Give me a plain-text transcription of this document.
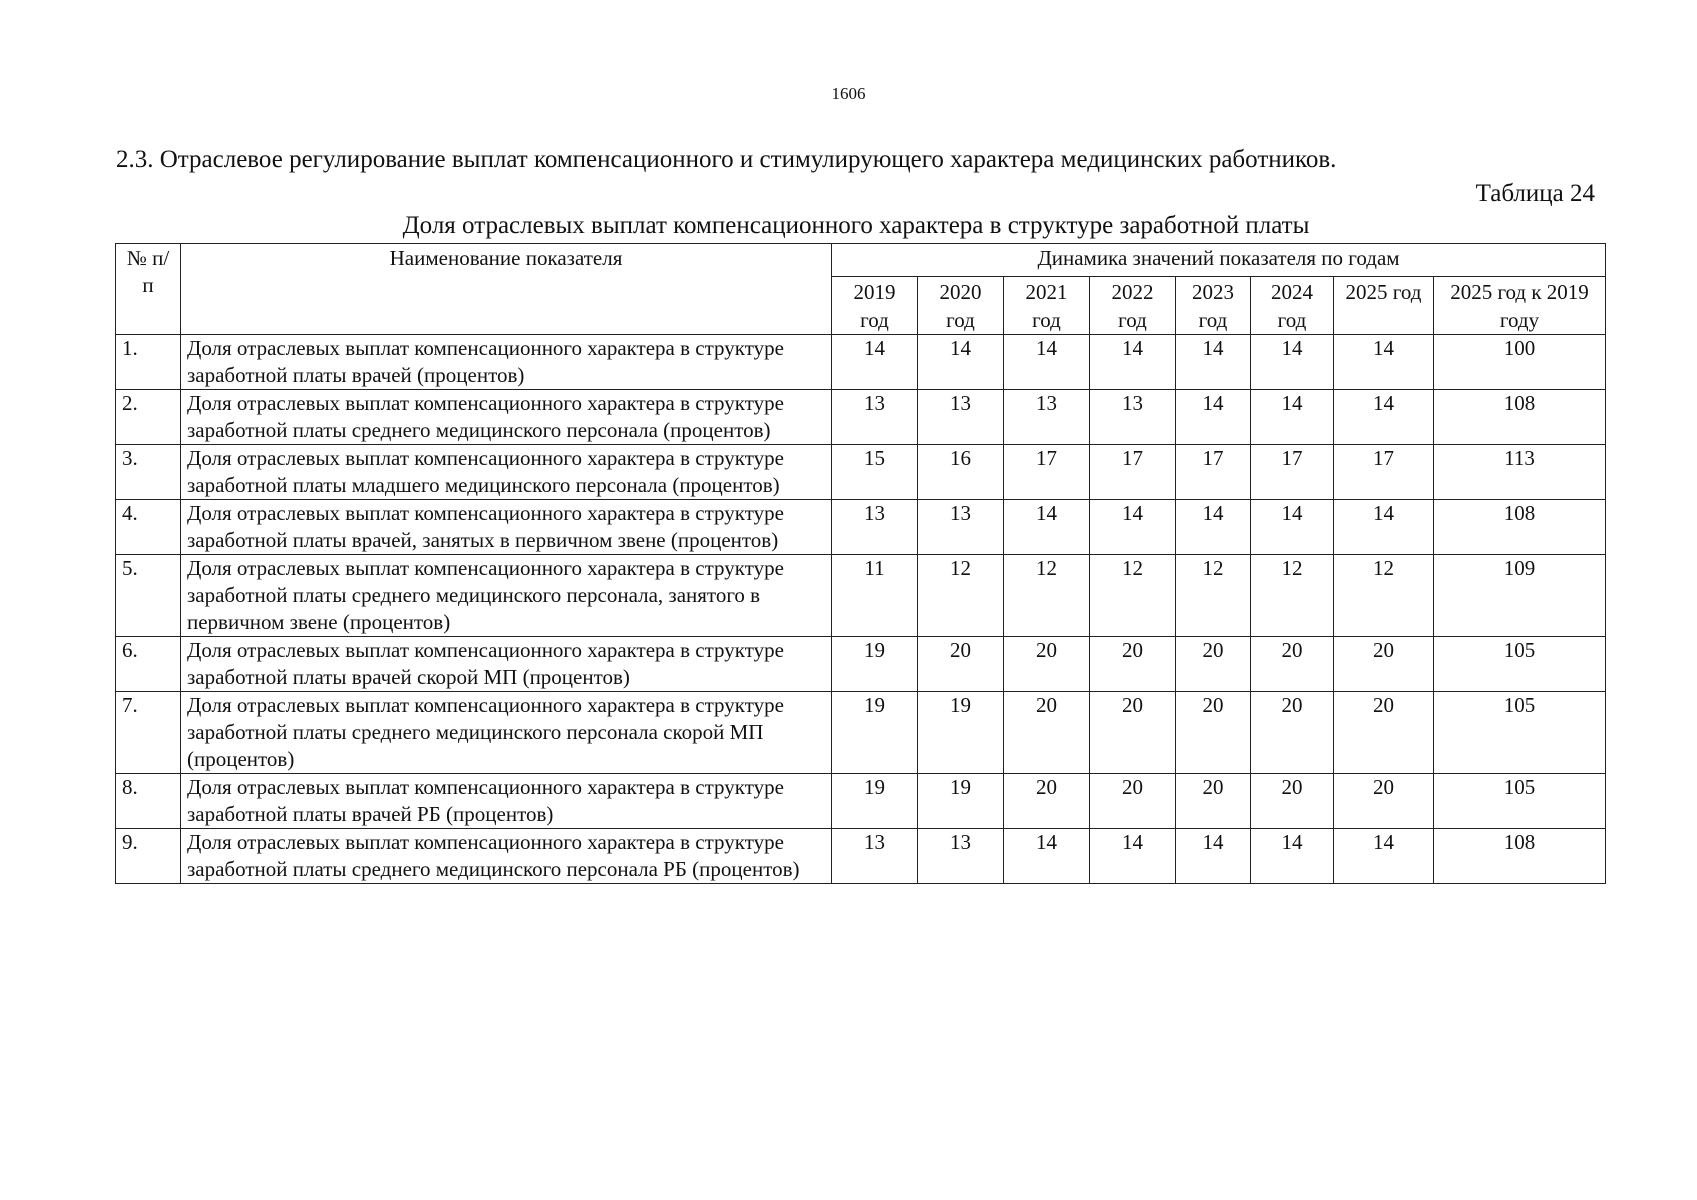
1606
2.3. Отраслевое регулирование выплат компенсационного и стимулирующего характера медицинских работников.
Таблица 24
Доля отраслевых выплат компенсационного характера в структуре заработной платы
№ п/п	Наименование показателя	Динамика значений показателя по годам							
		2019 год	2020 год	2021 год	2022 год	2023 год	2024 год	2025 год	2025 год к 2019 году
1.	Доля отраслевых выплат компенсационного характера в структуре заработной платы врачей (процентов)	14	14	14	14	14	14	14	100
2.	Доля отраслевых выплат компенсационного характера в структуре заработной платы среднего медицинского персонала (процентов)	13	13	13	13	14	14	14	108
3.	Доля отраслевых выплат компенсационного характера в структуре заработной платы младшего медицинского персонала (процентов)	15	16	17	17	17	17	17	113
4.	Доля отраслевых выплат компенсационного характера в структуре заработной платы врачей, занятых в первичном звене (процентов)	13	13	14	14	14	14	14	108
5.	Доля отраслевых выплат компенсационного характера в структуре заработной платы среднего медицинского персонала, занятого в первичном звене (процентов)	11	12	12	12	12	12	12	109
6.	Доля отраслевых выплат компенсационного характера в структуре заработной платы врачей скорой МП (процентов)	19	20	20	20	20	20	20	105
7.	Доля отраслевых выплат компенсационного характера в структуре заработной платы среднего медицинского персонала скорой МП (процентов)	19	19	20	20	20	20	20	105
8.	Доля отраслевых выплат компенсационного характера в структуре заработной платы врачей РБ (процентов)	19	19	20	20	20	20	20	105
9.	Доля отраслевых выплат компенсационного характера в структуре заработной платы среднего медицинского персонала РБ (процентов)	13	13	14	14	14	14	14	108
